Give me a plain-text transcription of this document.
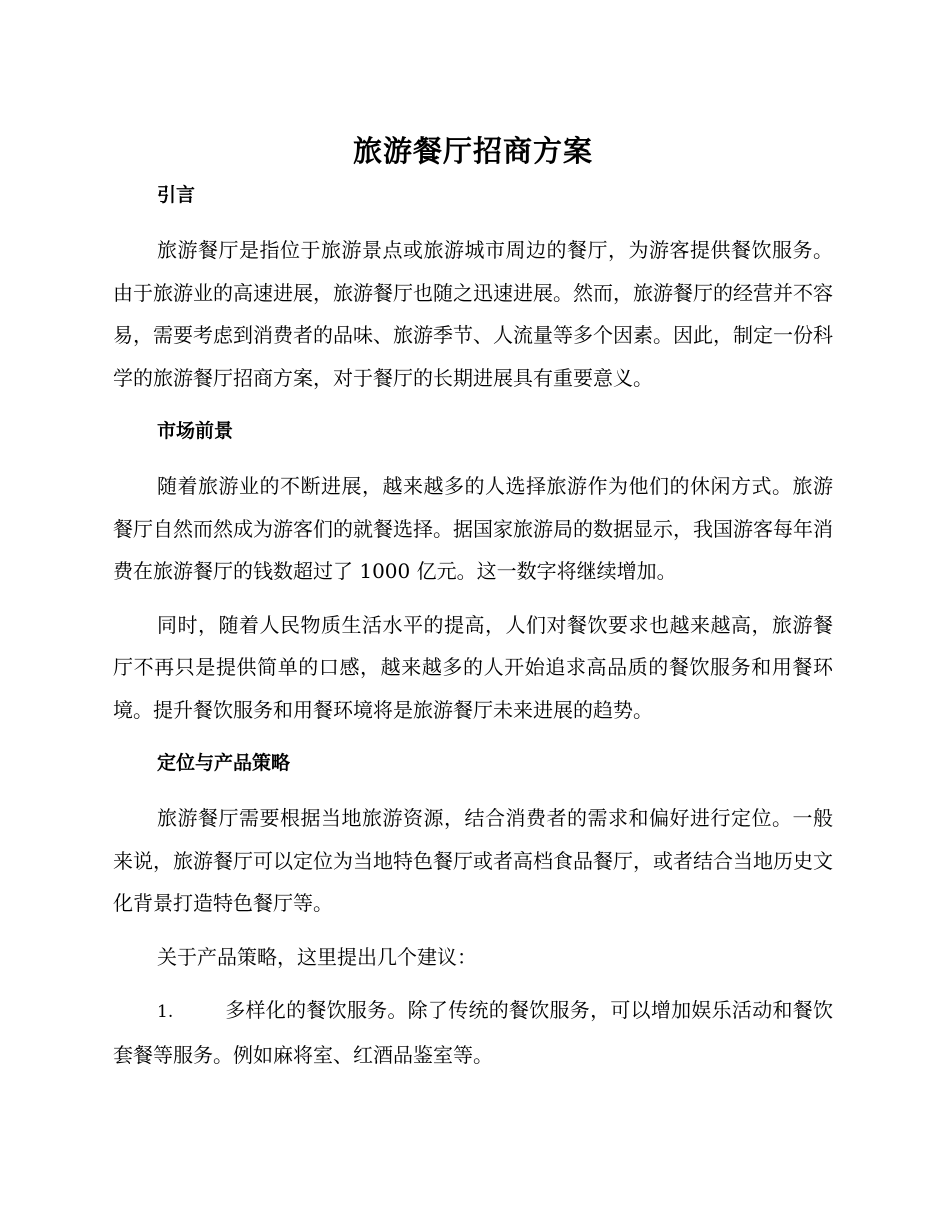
旅游餐厅招商方案
引言

旅游餐厅是指位于旅游景点或旅游城市周边的餐厅，为游客提供餐饮服务。由于旅游业的高速进展，旅游餐厅也随之迅速进展。然而，旅游餐厅的经营并不容易，需要考虑到消费者的品味、旅游季节、人流量等多个因素。因此，制定一份科学的旅游餐厅招商方案，对于餐厅的长期进展具有重要意义。

市场前景

随着旅游业的不断进展，越来越多的人选择旅游作为他们的休闲方式。旅游餐厅自然而然成为游客们的就餐选择。据国家旅游局的数据显示，我国游客每年消费在旅游餐厅的钱数超过了 1000 亿元。这一数字将继续增加。

同时，随着人民物质生活水平的提高，人们对餐饮要求也越来越高，旅游餐厅不再只是提供简单的口感，越来越多的人开始追求高品质的餐饮服务和用餐环境。提升餐饮服务和用餐环境将是旅游餐厅未来进展的趋势。

定位与产品策略

旅游餐厅需要根据当地旅游资源，结合消费者的需求和偏好进行定位。一般来说，旅游餐厅可以定位为当地特色餐厅或者高档食品餐厅，或者结合当地历史文化背景打造特色餐厅等。

关于产品策略，这里提出几个建议：

1.	多样化的餐饮服务。除了传统的餐饮服务，可以增加娱乐活动和餐饮套餐等服务。例如麻将室、红酒品鉴室等。
